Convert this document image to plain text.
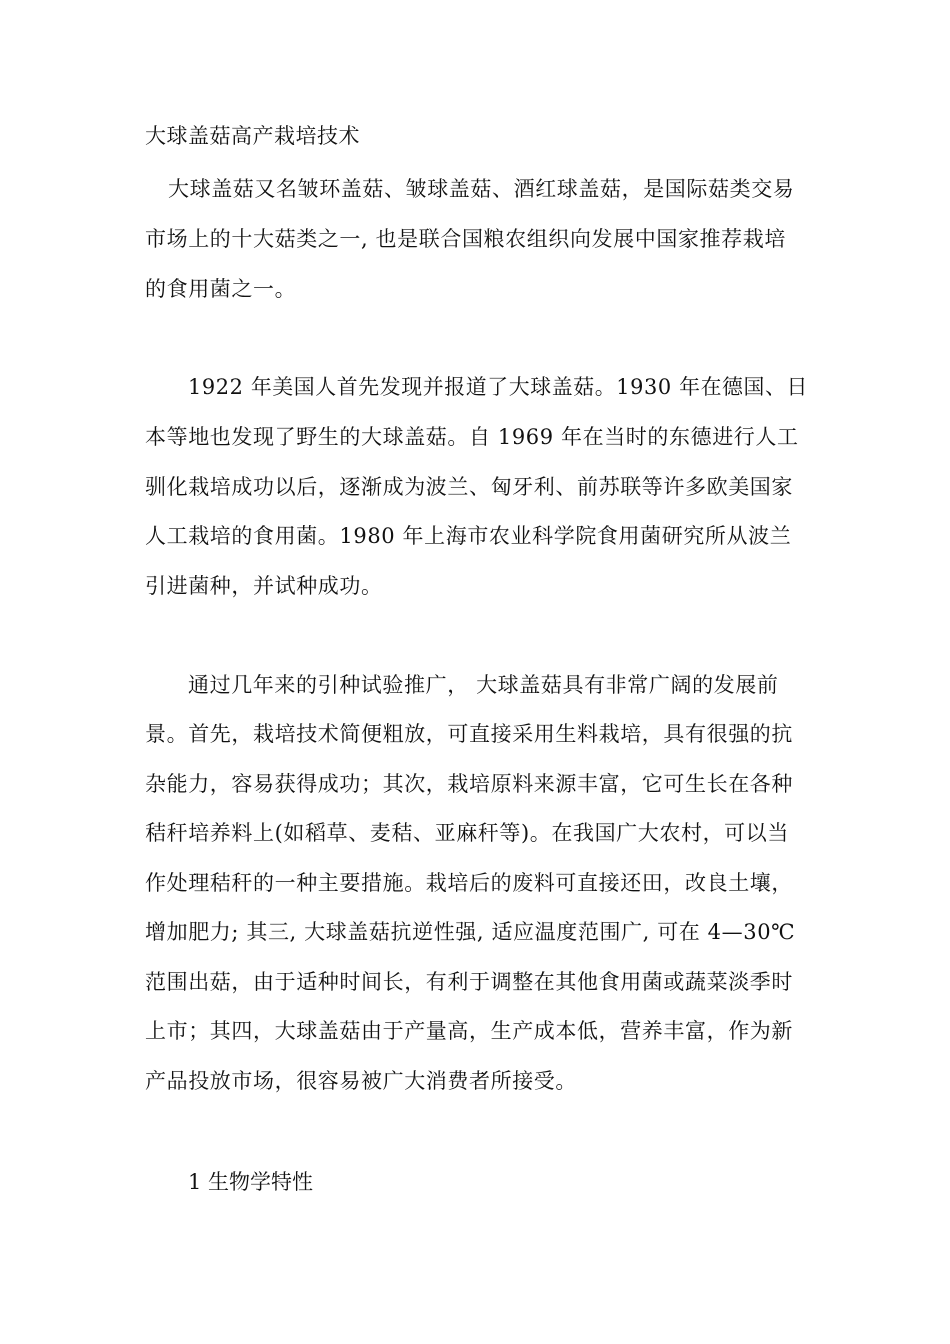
大球盖菇高产栽培技术
大球盖菇又名皱环盖菇、皱球盖菇、酒红球盖菇，是国际菇类交易
市场上的十大菇类之一, 也是联合国粮农组织向发展中国家推荐栽培
的食用菌之一。
1922 年美国人首先发现并报道了大球盖菇。1930 年在德国、日
本等地也发现了野生的大球盖菇。自 1969 年在当时的东德进行人工
驯化栽培成功以后，逐渐成为波兰、匈牙利、前苏联等许多欧美国家
人工栽培的食用菌。1980 年上海市农业科学院食用菌研究所从波兰
引进菌种，并试种成功。
通过几年来的引种试验推广， 大球盖菇具有非常广阔的发展前
景。首先，栽培技术简便粗放，可直接采用生料栽培，具有很强的抗
杂能力，容易获得成功；其次，栽培原料来源丰富，它可生长在各种
秸秆培养料上(如稻草、麦秸、亚麻秆等)。在我国广大农村，可以当
作处理秸秆的一种主要措施。栽培后的废料可直接还田，改良土壤，
增加肥力; 其三, 大球盖菇抗逆性强, 适应温度范围广, 可在 4—30℃
范围出菇，由于适种时间长，有利于调整在其他食用菌或蔬菜淡季时
上市；其四，大球盖菇由于产量高，生产成本低，营养丰富，作为新
产品投放市场，很容易被广大消费者所接受。
1 生物学特性
